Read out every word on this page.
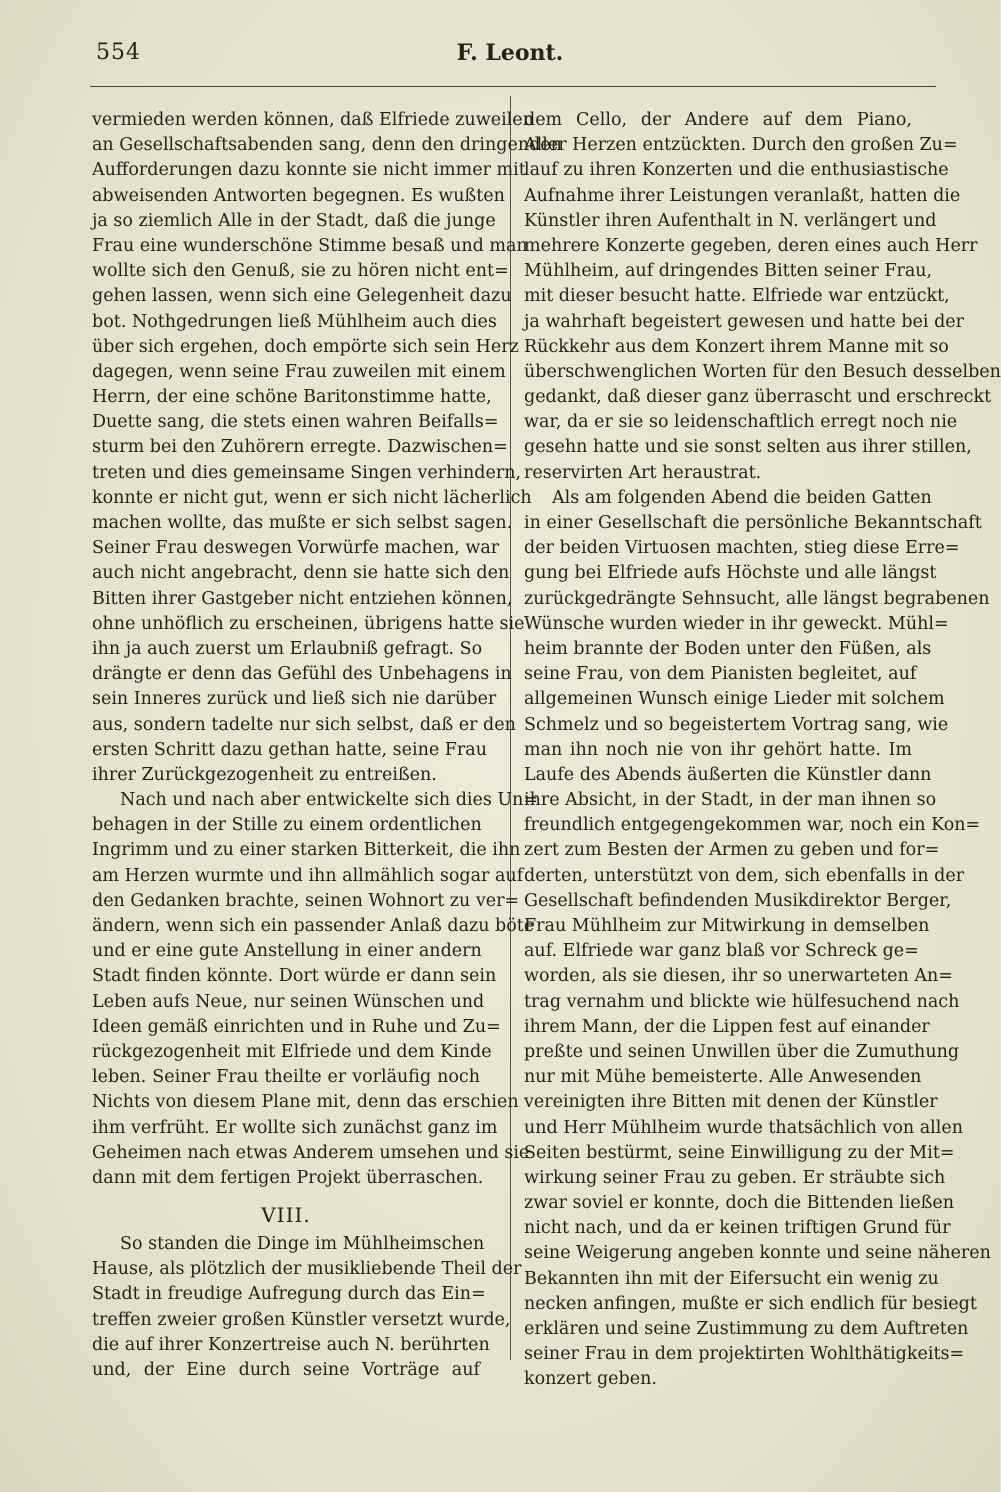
554	F. Leont.
vermieden werden können, daß Elfriede zuweilen
an Gesellschaftsabenden sang, denn den dringenden
Aufforderungen dazu konnte sie nicht immer mit
abweisenden Antworten begegnen. Es wußten
ja so ziemlich Alle in der Stadt, daß die junge
Frau eine wunderschöne Stimme besaß und man
wollte sich den Genuß, sie zu hören nicht ent=
gehen lassen, wenn sich eine Gelegenheit dazu
bot. Nothgedrungen ließ Mühlheim auch dies
über sich ergehen, doch empörte sich sein Herz
dagegen, wenn seine Frau zuweilen mit einem
Herrn, der eine schöne Baritonstimme hatte,
Duette sang, die stets einen wahren Beifalls=
sturm bei den Zuhörern erregte. Dazwischen=
treten und dies gemeinsame Singen verhindern,
konnte er nicht gut, wenn er sich nicht lächerlich
machen wollte, das mußte er sich selbst sagen.
Seiner Frau deswegen Vorwürfe machen, war
auch nicht angebracht, denn sie hatte sich den
Bitten ihrer Gastgeber nicht entziehen können,
ohne unhöflich zu erscheinen, übrigens hatte sie
ihn ja auch zuerst um Erlaubniß gefragt. So
drängte er denn das Gefühl des Unbehagens in
sein Inneres zurück und ließ sich nie darüber
aus, sondern tadelte nur sich selbst, daß er den
ersten Schritt dazu gethan hatte, seine Frau
ihrer Zurückgezogenheit zu entreißen.
Nach und nach aber entwickelte sich dies Un=
behagen in der Stille zu einem ordentlichen
Ingrimm und zu einer starken Bitterkeit, die ihn
am Herzen wurmte und ihn allmählich sogar auf
den Gedanken brachte, seinen Wohnort zu ver=
ändern, wenn sich ein passender Anlaß dazu böte
und er eine gute Anstellung in einer andern
Stadt finden könnte. Dort würde er dann sein
Leben aufs Neue, nur seinen Wünschen und
Ideen gemäß einrichten und in Ruhe und Zu=
rückgezogenheit mit Elfriede und dem Kinde
leben. Seiner Frau theilte er vorläufig noch
Nichts von diesem Plane mit, denn das erschien
ihm verfrüht. Er wollte sich zunächst ganz im
Geheimen nach etwas Anderem umsehen und sie
dann mit dem fertigen Projekt überraschen.
VIII.
So standen die Dinge im Mühlheimschen
Hause, als plötzlich der musikliebende Theil der
Stadt in freudige Aufregung durch das Ein=
treffen zweier großen Künstler versetzt wurde,
die auf ihrer Konzertreise auch N. berührten
und, der Eine durch seine Vorträge auf
dem Cello, der Andere auf dem Piano,
Aller Herzen entzückten. Durch den großen Zu=
lauf zu ihren Konzerten und die enthusiastische
Aufnahme ihrer Leistungen veranlaßt, hatten die
Künstler ihren Aufenthalt in N. verlängert und
mehrere Konzerte gegeben, deren eines auch Herr
Mühlheim, auf dringendes Bitten seiner Frau,
mit dieser besucht hatte. Elfriede war entzückt,
ja wahrhaft begeistert gewesen und hatte bei der
Rückkehr aus dem Konzert ihrem Manne mit so
überschwenglichen Worten für den Besuch desselben
gedankt, daß dieser ganz überrascht und erschreckt
war, da er sie so leidenschaftlich erregt noch nie
gesehn hatte und sie sonst selten aus ihrer stillen,
reservirten Art heraustrat.
Als am folgenden Abend die beiden Gatten
in einer Gesellschaft die persönliche Bekanntschaft
der beiden Virtuosen machten, stieg diese Erre=
gung bei Elfriede aufs Höchste und alle längst
zurückgedrängte Sehnsucht, alle längst begrabenen
Wünsche wurden wieder in ihr geweckt. Mühl=
heim brannte der Boden unter den Füßen, als
seine Frau, von dem Pianisten begleitet, auf
allgemeinen Wunsch einige Lieder mit solchem
Schmelz und so begeistertem Vortrag sang, wie
man ihn noch nie von ihr gehört hatte. Im
Laufe des Abends äußerten die Künstler dann
ihre Absicht, in der Stadt, in der man ihnen so
freundlich entgegengekommen war, noch ein Kon=
zert zum Besten der Armen zu geben und for=
derten, unterstützt von dem, sich ebenfalls in der
Gesellschaft befindenden Musikdirektor Berger,
Frau Mühlheim zur Mitwirkung in demselben
auf. Elfriede war ganz blaß vor Schreck ge=
worden, als sie diesen, ihr so unerwarteten An=
trag vernahm und blickte wie hülfesuchend nach
ihrem Mann, der die Lippen fest auf einander
preßte und seinen Unwillen über die Zumuthung
nur mit Mühe bemeisterte. Alle Anwesenden
vereinigten ihre Bitten mit denen der Künstler
und Herr Mühlheim wurde thatsächlich von allen
Seiten bestürmt, seine Einwilligung zu der Mit=
wirkung seiner Frau zu geben. Er sträubte sich
zwar soviel er konnte, doch die Bittenden ließen
nicht nach, und da er keinen triftigen Grund für
seine Weigerung angeben konnte und seine näheren
Bekannten ihn mit der Eifersucht ein wenig zu
necken anfingen, mußte er sich endlich für besiegt
erklären und seine Zustimmung zu dem Auftreten
seiner Frau in dem projektirten Wohlthätigkeits=
konzert geben.
